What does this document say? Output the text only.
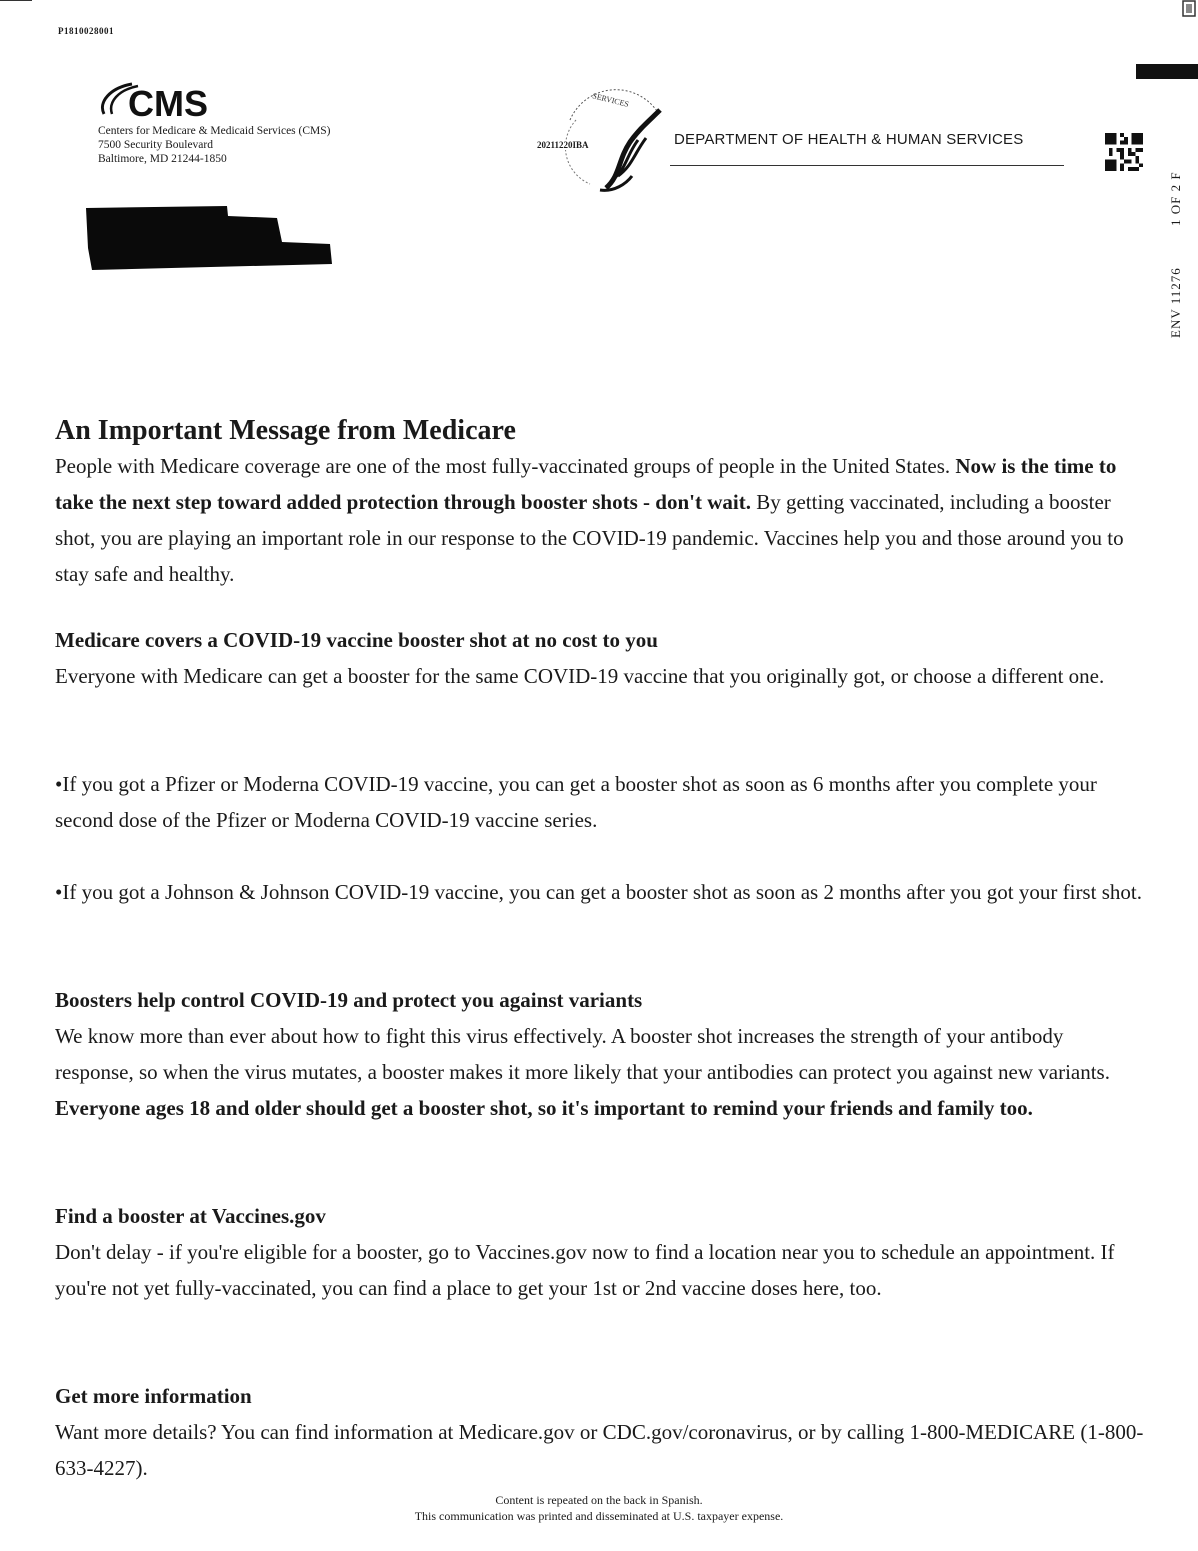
P1810028001
CMS
Centers for Medicare & Medicaid Services (CMS)
7500 Security Boulevard
Baltimore, MD 21244-1850
SERVICES
20211220IBA	DEPARTMENT OF HEALTH & HUMAN SERVICES
1 OF 2 F
ENV 11276
An Important Message from Medicare

People with Medicare coverage are one of the most fully-vaccinated groups of people in the United States. Now is the time to take the next step toward added protection through booster shots - don't wait. By getting vaccinated, including a booster shot, you are playing an important role in our response to the COVID-19 pandemic. Vaccines help you and those around you to stay safe and healthy.

Medicare covers a COVID-19 vaccine booster shot at no cost to you

Everyone with Medicare can get a booster for the same COVID-19 vaccine that you originally got, or choose a different one.

•If you got a Pfizer or Moderna COVID-19 vaccine, you can get a booster shot as soon as 6 months after you complete your second dose of the Pfizer or Moderna COVID-19 vaccine series.

•If you got a Johnson & Johnson COVID-19 vaccine, you can get a booster shot as soon as 2 months after you got your first shot.

Boosters help control COVID-19 and protect you against variants

We know more than ever about how to fight this virus effectively. A booster shot increases the strength of your antibody response, so when the virus mutates, a booster makes it more likely that your antibodies can protect you against new variants. Everyone ages 18 and older should get a booster shot, so it's important to remind your friends and family too.

Find a booster at Vaccines.gov

Don't delay - if you're eligible for a booster, go to Vaccines.gov now to find a location near you to schedule an appointment. If you're not yet fully-vaccinated, you can find a place to get your 1st or 2nd vaccine doses here, too.

Get more information

Want more details? You can find information at Medicare.gov or CDC.gov/coronavirus, or by calling 1-800-MEDICARE (1-800-633-4227).

Content is repeated on the back in Spanish.
This communication was printed and disseminated at U.S. taxpayer expense.
